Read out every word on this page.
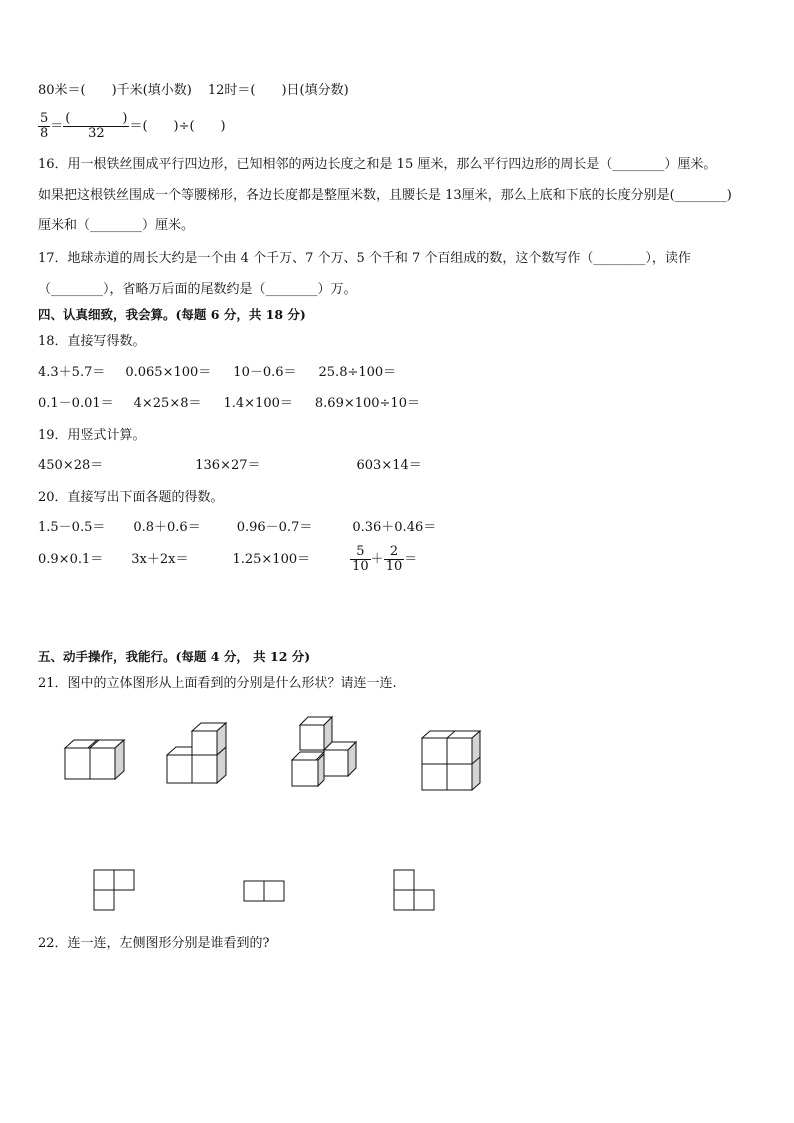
80米＝(　　)千米(填小数) 12时＝(　　)日(填分数)
$\frac{5}{8} = \frac{( )}{32}$ ＝(　　)÷(　　)
16．用一根铁丝围成平行四边形，已知相邻的两边长度之和是 15 厘米，那么平行四边形的周长是（________）厘米。
如果把这根铁丝围成一个等腰梯形，各边长度都是整厘米数，且腰长是 13厘米，那么上底和下底的长度分别是(________)
厘米和（________）厘米。
17．地球赤道的周长大约是一个由 4 个千万、7 个万、5 个千和 7 个百组成的数，这个数写作（________），读作
（________），省略万后面的尾数约是（________）万。
四、认真细致，我会算。(每题 6 分，共 18 分)
18．直接写得数。
4.3＋5.7＝ 0.065×100＝ 10－0.6＝ 25.8÷100＝
0.1－0.01＝ 4×25×8＝ 1.4×100＝ 8.69×100÷10＝
19．用竖式计算。
450×28＝	136×27＝	603×14＝
20．直接写出下面各题的得数。
1.5－0.5＝ 0.8＋0.6＝	0.96－0.7＝	0.36＋0.46＝
0.9×0.1＝ 3x＋2x＝	1.25×100＝	$\frac{5}{10} + \frac{2}{10}$ ＝
五、动手操作，我能行。(每题 4 分， 共 12 分)
21．图中的立体图形从上面看到的分别是什么形状？请连一连.
22．连一连，左侧图形分别是谁看到的?
